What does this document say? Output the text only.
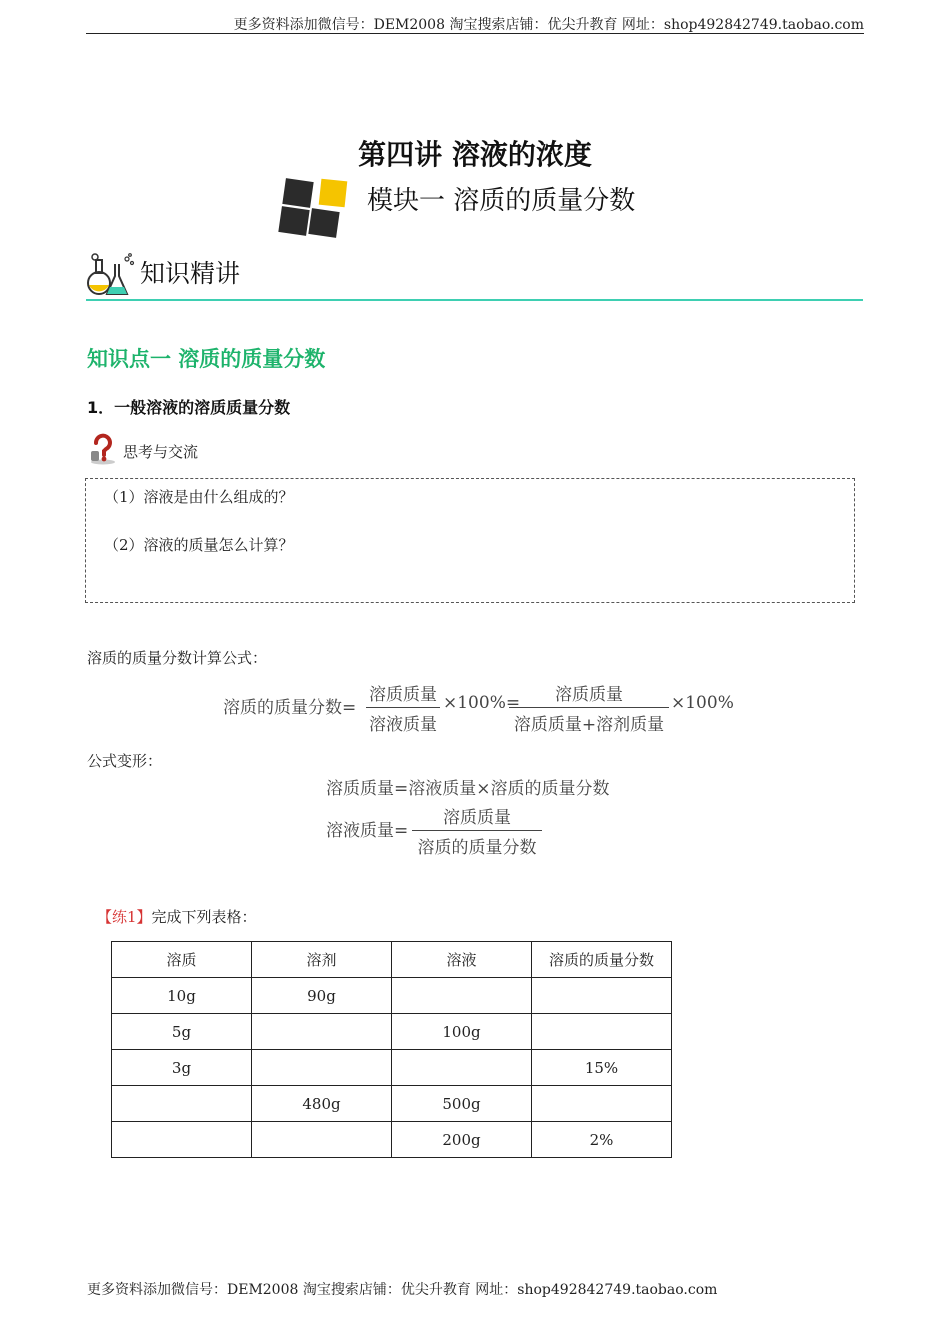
更多资料添加微信号：DEM2008 淘宝搜索店铺：优尖升教育 网址：shop492842749.taobao.com
第四讲 溶液的浓度
模块一 溶质的质量分数
知识精讲
知识点一 溶质的质量分数
1．一般溶液的溶质质量分数
思考与交流
（1）溶液是由什么组成的？
（2）溶液的质量怎么计算？
溶质的质量分数计算公式：
溶质的质量分数=
溶质质量
溶液质量
×100%=	溶质质量
溶质质量+溶剂质量
×100%
公式变形：
溶质质量=溶液质量×溶质的质量分数
溶液质量=
溶质质量
溶质的质量分数
【练1】完成下列表格：
溶质	溶剂	溶液	溶质的质量分数
10g	90g		
5g		100g	
3g			15%
	480g	500g	
		200g	2%
更多资料添加微信号：DEM2008 淘宝搜索店铺：优尖升教育 网址：shop492842749.taobao.com
